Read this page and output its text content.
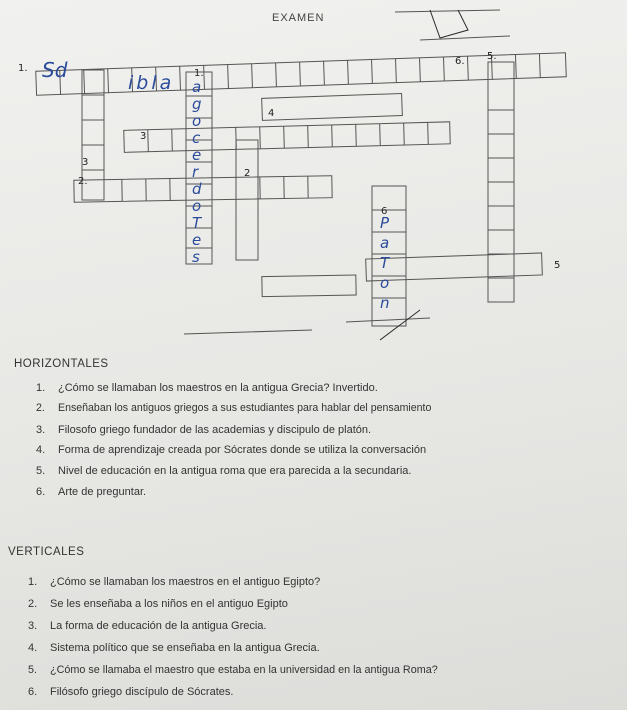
EXAMEN
1.	1.
6. 5.
4
3
3
2.
2
6
5
Sd
ibla a
g
o
c
e
r
d
o
T
e
s
P
a
T
o
n
HORIZONTALES
1. ¿Cómo se llamaban los maestros en la antigua Grecia? Invertido.
2. Enseñaban los antiguos griegos a sus estudiantes para hablar del pensamiento
3. Filosofo griego fundador de las academias y discipulo de platón.
4. Forma de aprendizaje creada por Sócrates donde se utiliza la conversación
5. Nivel de educación en la antigua roma que era parecida a la secundaria.
6. Arte de preguntar.
VERTICALES
1. ¿Cómo se llamaban los maestros en el antiguo Egipto?
2. Se les enseñaba a los niños en el antiguo Egipto
3. La forma de educación de la antigua Grecia.
4. Sistema político que se enseñaba en la antigua Grecia.
5. ¿Cómo se llamaba el maestro que estaba en la universidad en la antigua Roma?
6. Filósofo griego discípulo de Sócrates.
